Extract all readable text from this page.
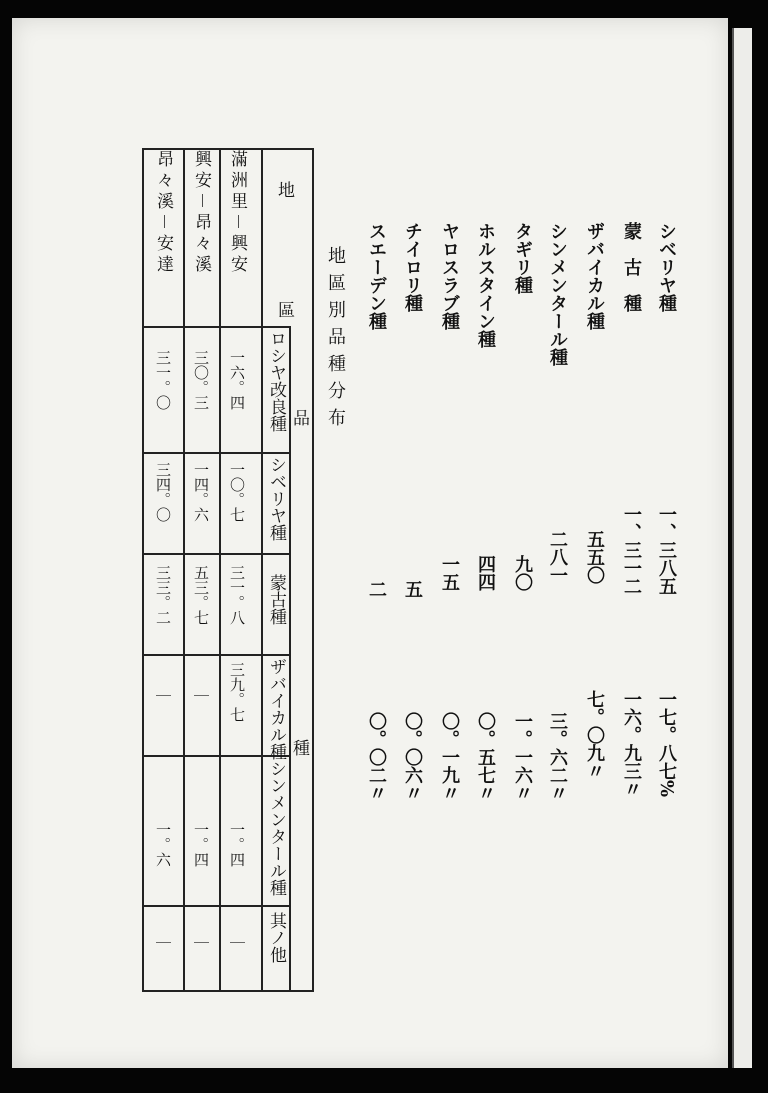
シベリヤ種
蒙　古　種
ザバイカル種
シンメンタール種
タギリ種
ホルスタイン種
ヤロスラブ種
チイロリ種
スエーデン種
一、三八五
一、三一二
五五〇
二八一
九〇
四四
一五
五
二
一七。八七%
一六。九三〃
七。〇九〃
三。六二〃
一。一六〃
〇。五七〃
〇。一九〃
〇。〇六〃
〇。〇二〃
地區別品種分布
地
區
品
種
ロシヤ改良種
シベリヤ種
蒙古種
ザバイカル種
シンメンタール種
其ノ他
滿洲里－興安
一六。四
一〇。七
三一。八
三九。七
一。四
｜
興安－昂々溪
三〇。三
一四。六
五三。七
｜
一。四
｜
昂々溪－安達
三一。〇
三四。〇
三三。二
｜
一。六
｜
